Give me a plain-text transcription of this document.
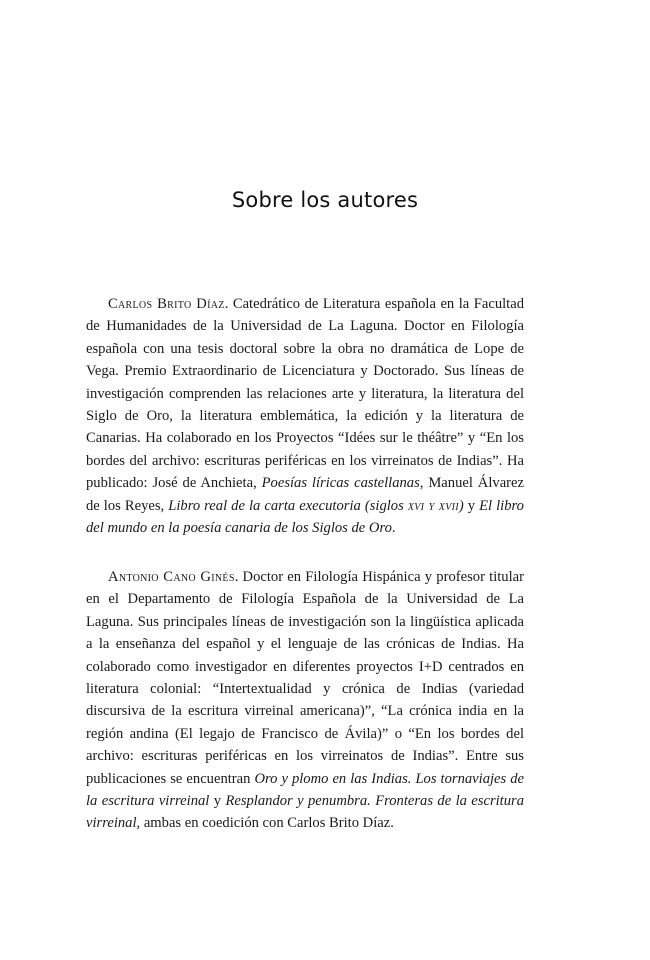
Sobre los autores

Carlos Brito Díaz. Catedrático de Literatura española en la Facultad de Humanidades de la Universidad de La Laguna. Doctor en Filología española con una tesis doctoral sobre la obra no dramática de Lope de Vega. Premio Extraordinario de Licenciatura y Doctorado. Sus líneas de investigación comprenden las relaciones arte y literatura, la literatura del Siglo de Oro, la literatura emblemática, la edición y la literatura de Canarias. Ha colaborado en los Proyectos “Idées sur le théâtre” y “En los bordes del archivo: escrituras periféricas en los virreinatos de Indias”. Ha publicado: José de Anchieta, Poesías líricas castellanas, Manuel Álvarez de los Reyes, Libro real de la carta executoria (siglos xvi y xvii) y El libro del mundo en la poesía canaria de los Siglos de Oro.

Antonio Cano Ginés. Doctor en Filología Hispánica y profesor titular en el Departamento de Filología Española de la Universidad de La Laguna. Sus principales líneas de investigación son la lingüística aplicada a la enseñanza del español y el lenguaje de las crónicas de Indias. Ha colaborado como investigador en diferentes proyectos I+D centrados en literatura colonial: “Intertextualidad y crónica de Indias (variedad discursiva de la escritura virreinal americana)”, “La crónica india en la región andina (El legajo de Francisco de Ávila)” o “En los bordes del archivo: escrituras periféricas en los virreinatos de Indias”. Entre sus publicaciones se encuentran Oro y plomo en las Indias. Los tornaviajes de la escritura virreinal y Resplandor y penumbra. Fronteras de la escritura virreinal, ambas en coedición con Carlos Brito Díaz.
